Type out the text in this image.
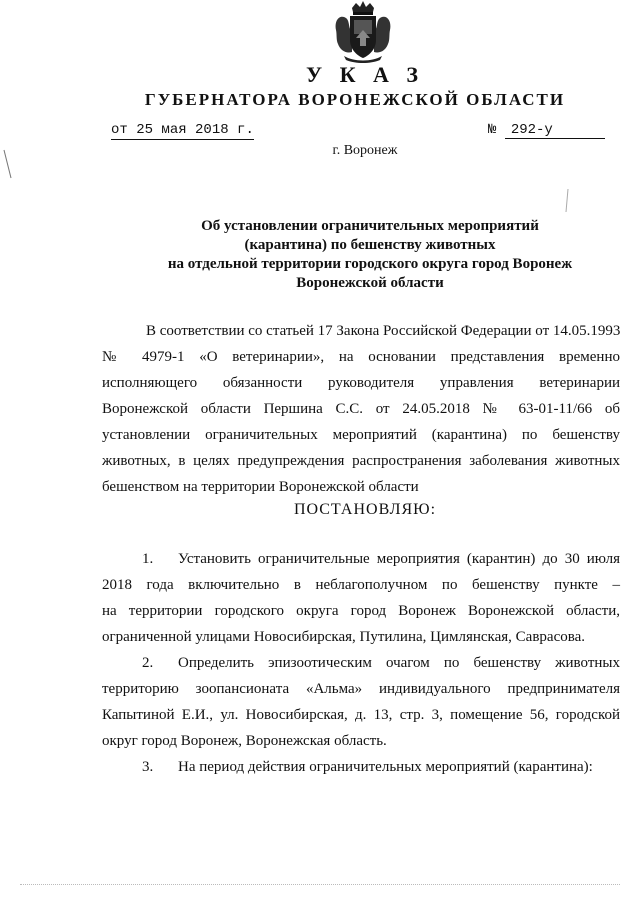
У К А З
ГУБЕРНАТОРА ВОРОНЕЖСКОЙ ОБЛАСТИ
от 25 мая 2018 г.	№ 292-у
г. Воронеж
Об установлении ограничительных мероприятий
(карантина) по бешенству животных
на отдельной территории городского округа город Воронеж
Воронежской области
В соответствии со статьей 17 Закона Российской Федерации от 14.05.1993
№ 4979-1 «О ветеринарии», на основании представления временно
исполняющего обязанности руководителя управления ветеринарии
Воронежской области Першина С.С. от 24.05.2018 № 63-01-11/66 об
установлении ограничительных мероприятий (карантина) по бешенству
животных, в целях предупреждения распространения заболевания животных
бешенством на территории Воронежской области
ПОСТАНОВЛЯЮ:
1. Установить ограничительные мероприятия (карантин) до 30 июля
2018 года включительно в неблагополучном по бешенству пункте –
на территории городского округа город Воронеж Воронежской области,
ограниченной улицами Новосибирская, Путилина, Цимлянская, Саврасова.
2. Определить эпизоотическим очагом по бешенству животных
территорию зоопансионата «Альма» индивидуального предпринимателя
Капытиной Е.И., ул. Новосибирская, д. 13, стр. 3, помещение 56, городской
округ город Воронеж, Воронежская область.
3. На период действия ограничительных мероприятий (карантина):
